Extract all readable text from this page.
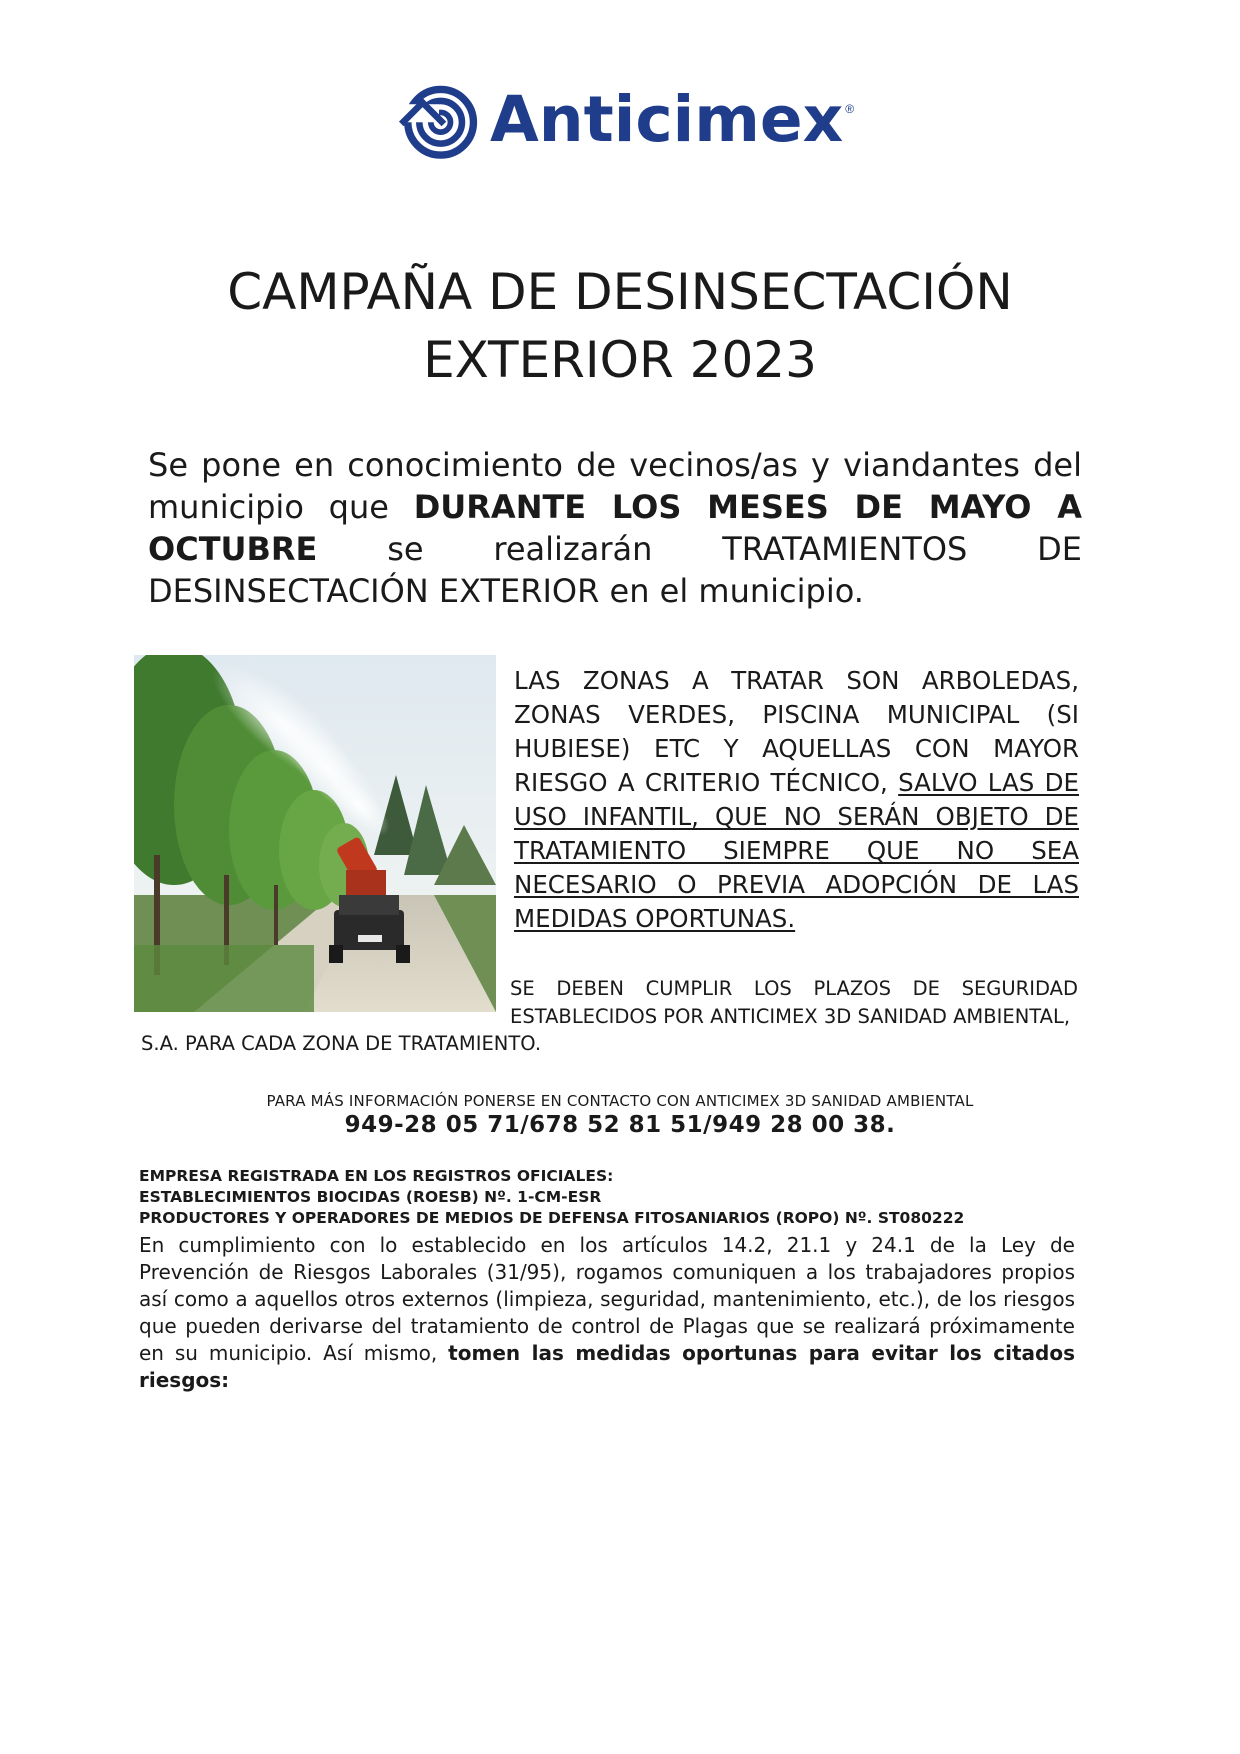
Anticimex ®
CAMPAÑA DE DESINSECTACIÓN
EXTERIOR 2023
Se pone en conocimiento de vecinos/as y viandantes del municipio que DURANTE LOS MESES DE MAYO A OCTUBRE se realizarán TRATAMIENTOS DE DESINSECTACIÓN EXTERIOR en el municipio.
LAS ZONAS A TRATAR SON ARBOLEDAS, ZONAS VERDES, PISCINA MUNICIPAL (SI HUBIESE) ETC Y AQUELLAS CON MAYOR RIESGO A CRITERIO TÉCNICO, SALVO LAS DE USO INFANTIL, QUE NO SERÁN OBJETO DE TRATAMIENTO SIEMPRE QUE NO SEA NECESARIO O PREVIA ADOPCIÓN DE LAS MEDIDAS OPORTUNAS.
SE DEBEN CUMPLIR LOS PLAZOS DE SEGURIDAD ESTABLECIDOS POR ANTICIMEX 3D SANIDAD AMBIENTAL,
S.A. PARA CADA ZONA DE TRATAMIENTO.
PARA MÁS INFORMACIÓN PONERSE EN CONTACTO CON ANTICIMEX 3D SANIDAD AMBIENTAL
949-28 05 71/678 52 81 51/949 28 00 38.
EMPRESA REGISTRADA EN LOS REGISTROS OFICIALES:
ESTABLECIMIENTOS BIOCIDAS (ROESB) Nº. 1-CM-ESR
PRODUCTORES Y OPERADORES DE MEDIOS DE DEFENSA FITOSANIARIOS (ROPO) Nº. ST080222
En cumplimiento con lo establecido en los artículos 14.2, 21.1 y 24.1 de la Ley de Prevención de Riesgos Laborales (31/95), rogamos comuniquen a los trabajadores propios así como a aquellos otros externos (limpieza, seguridad, mantenimiento, etc.), de los riesgos que pueden derivarse del tratamiento de control de Plagas que se realizará próximamente en su municipio. Así mismo, tomen las medidas oportunas para evitar los citados riesgos:
